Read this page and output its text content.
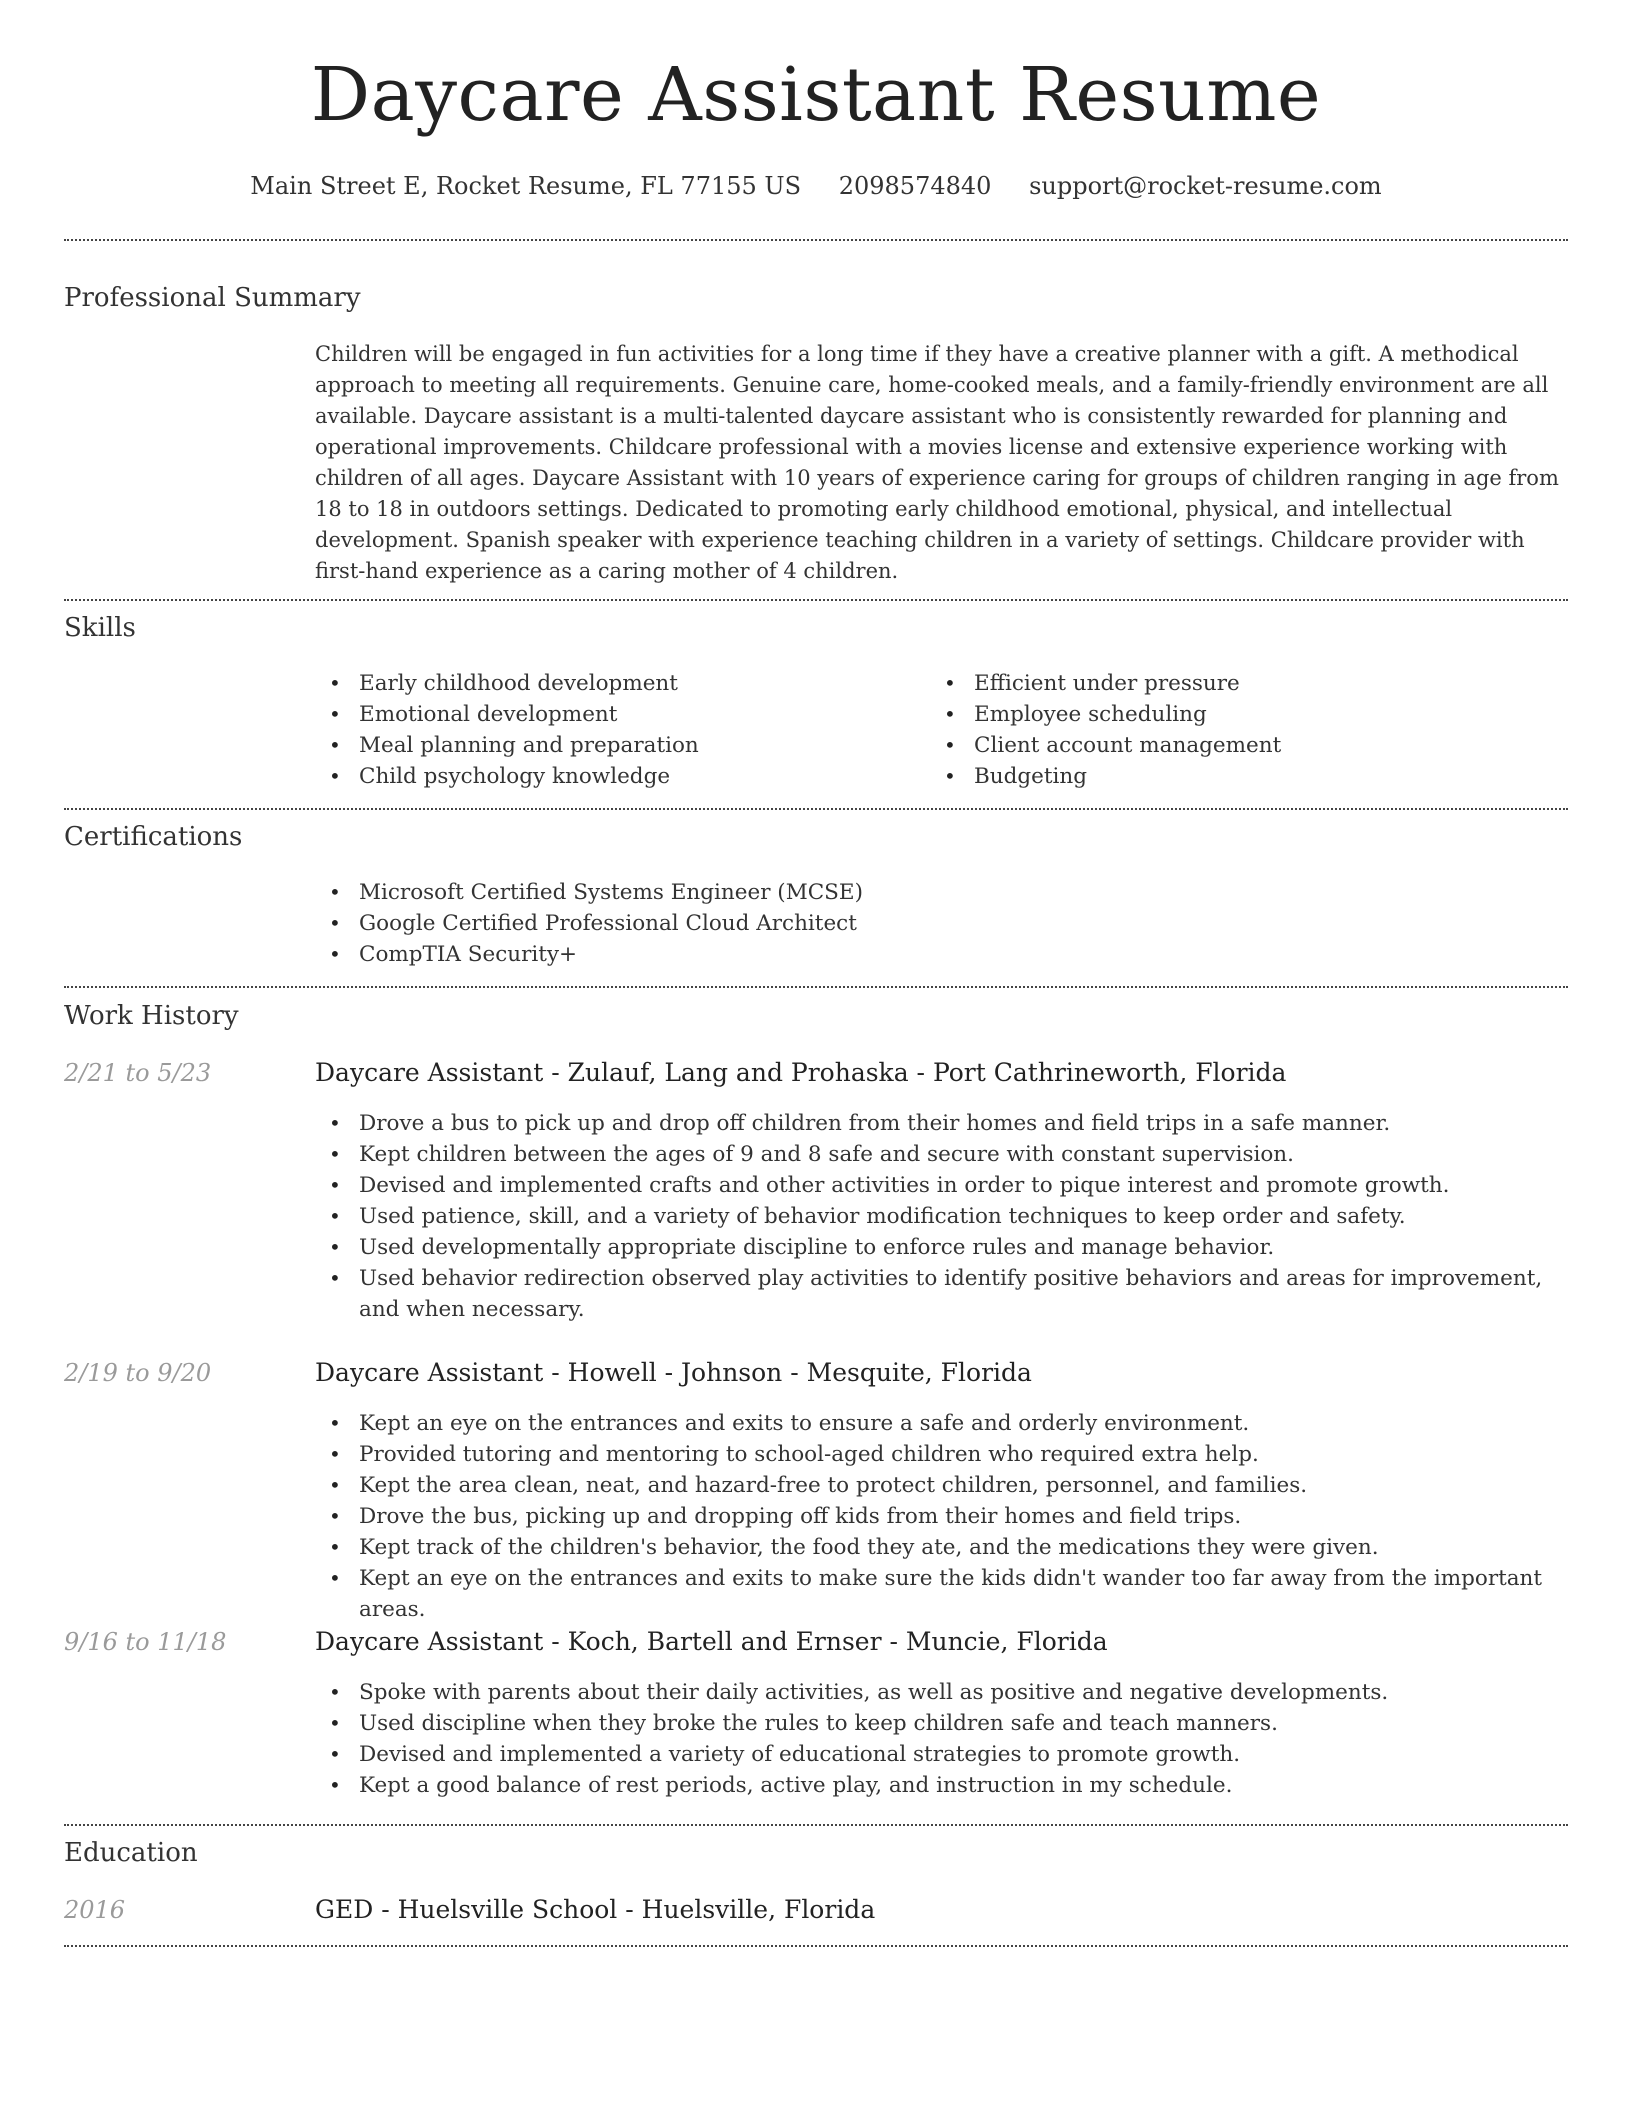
Daycare Assistant Resume
Main Street E, Rocket Resume, FL 77155 US 2098574840 support@rocket-resume.com
Professional Summary

Children will be engaged in fun activities for a long time if they have a creative planner with a gift. A methodical approach to meeting all requirements. Genuine care, home-cooked meals, and a family-friendly environment are all available. Daycare assistant is a multi-talented daycare assistant who is consistently rewarded for planning and operational improvements. Childcare professional with a movies license and extensive experience working with children of all ages. Daycare Assistant with 10 years of experience caring for groups of children ranging in age from 18 to 18 in outdoors settings. Dedicated to promoting early childhood emotional, physical, and intellectual development. Spanish speaker with experience teaching children in a variety of settings. Childcare provider with first-hand experience as a caring mother of 4 children.

Skills
• Early childhood development
• Emotional development
• Meal planning and preparation
• Child psychology knowledge
• Efficient under pressure
• Employee scheduling
• Client account management
• Budgeting
Certifications
• Microsoft Certified Systems Engineer (MCSE)
• Google Certified Professional Cloud Architect
• CompTIA Security+
Work History
2/21 to 5/23	Daycare Assistant - Zulauf, Lang and Prohaska - Port Cathrineworth, Florida
• Drove a bus to pick up and drop off children from their homes and field trips in a safe manner.
• Kept children between the ages of 9 and 8 safe and secure with constant supervision.
• Devised and implemented crafts and other activities in order to pique interest and promote growth.
• Used patience, skill, and a variety of behavior modification techniques to keep order and safety.
• Used developmentally appropriate discipline to enforce rules and manage behavior.
• Used behavior redirection observed play activities to identify positive behaviors and areas for improvement, and when necessary.
2/19 to 9/20	Daycare Assistant - Howell - Johnson - Mesquite, Florida
• Kept an eye on the entrances and exits to ensure a safe and orderly environment.
• Provided tutoring and mentoring to school-aged children who required extra help.
• Kept the area clean, neat, and hazard-free to protect children, personnel, and families.
• Drove the bus, picking up and dropping off kids from their homes and field trips.
• Kept track of the children's behavior, the food they ate, and the medications they were given.
• Kept an eye on the entrances and exits to make sure the kids didn't wander too far away from the important areas.
9/16 to 11/18	Daycare Assistant - Koch, Bartell and Ernser - Muncie, Florida
• Spoke with parents about their daily activities, as well as positive and negative developments.
• Used discipline when they broke the rules to keep children safe and teach manners.
• Devised and implemented a variety of educational strategies to promote growth.
• Kept a good balance of rest periods, active play, and instruction in my schedule.
Education
2016	GED - Huelsville School - Huelsville, Florida
